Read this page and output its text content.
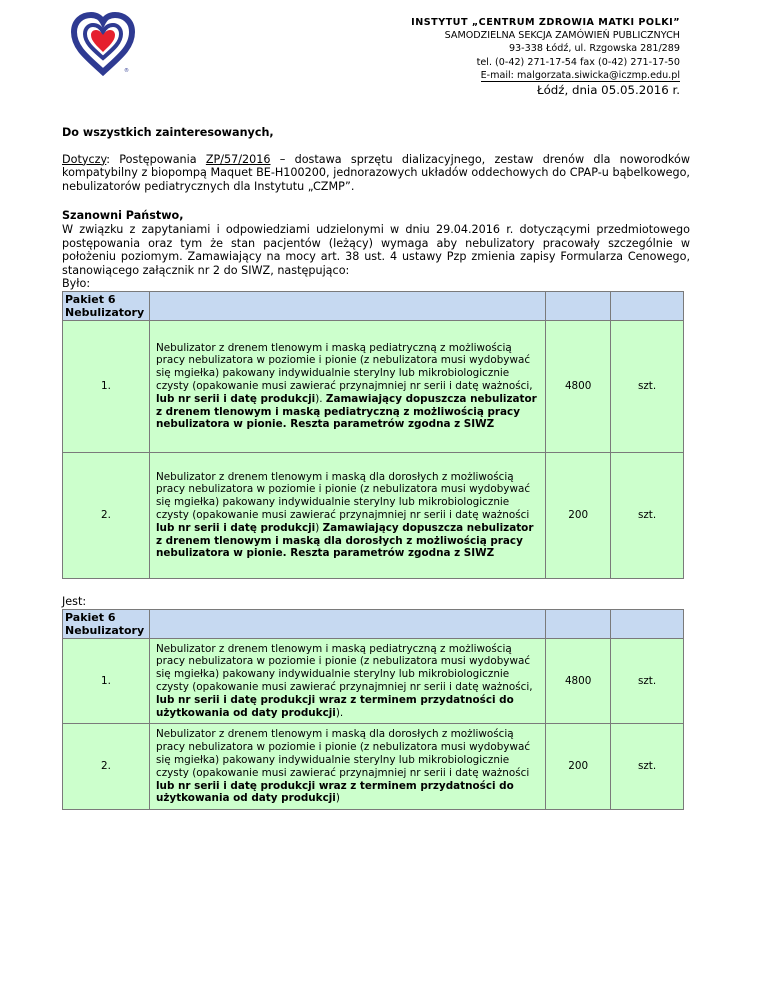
®
INSTYTUT „CENTRUM ZDROWIA MATKI POLKI”
SAMODZIELNA SEKCJA ZAMÓWIEŃ PUBLICZNYCH
93-338 Łódź, ul. Rzgowska 281/289
tel. (0-42) 271-17-54 fax (0-42) 271-17-50
E-mail: malgorzata.siwicka@iczmp.edu.pl
Łódź, dnia 05.05.2016 r.
Do wszystkich zainteresowanych,
Dotyczy: Postępowania ZP/57/2016 – dostawa sprzętu dializacyjnego, zestaw drenów dla noworodków kompatybilny z biopompą Maquet BE-H100200, jednorazowych układów oddechowych do CPAP-u bąbelkowego, nebulizatorów pediatrycznych dla Instytutu „CZMP”.
Szanowni Państwo,
W związku z zapytaniami i odpowiedziami udzielonymi w dniu 29.04.2016 r. dotyczącymi przedmiotowego postępowania oraz tym że stan pacjentów (leżący) wymaga aby nebulizatory pracowały szczególnie w położeniu poziomym. Zamawiający na mocy art. 38 ust. 4 ustawy Pzp zmienia zapisy Formularza Cenowego, stanowiącego załącznik nr 2 do SIWZ, następująco:
Było:
Pakiet 6
Nebulizatory			

1.	Nebulizator z drenem tlenowym i maską pediatryczną z możliwością pracy nebulizatora w poziomie i pionie (z nebulizatora musi wydobywać się mgiełka) pakowany indywidualnie sterylny lub mikrobiologicznie czysty (opakowanie musi zawierać przynajmniej nr serii i datę ważności, lub nr serii i datę produkcji). Zamawiający dopuszcza nebulizator z drenem tlenowym i maską pediatryczną z możliwością pracy nebulizatora w pionie. Reszta parametrów zgodna z SIWZ	4800	szt.
2.	Nebulizator z drenem tlenowym i maską dla dorosłych z możliwością pracy nebulizatora w poziomie i pionie (z nebulizatora musi wydobywać się mgiełka) pakowany indywidualnie sterylny lub mikrobiologicznie czysty (opakowanie musi zawierać przynajmniej nr serii i datę ważności lub nr serii i datę produkcji) Zamawiający dopuszcza nebulizator z drenem tlenowym i maską dla dorosłych z możliwością pracy nebulizatora w pionie. Reszta parametrów zgodna z SIWZ	200	szt.
Jest:
Pakiet 6
Nebulizatory			

1.	Nebulizator z drenem tlenowym i maską pediatryczną z możliwością pracy nebulizatora w poziomie i pionie (z nebulizatora musi wydobywać się mgiełka) pakowany indywidualnie sterylny lub mikrobiologicznie czysty (opakowanie musi zawierać przynajmniej nr serii i datę ważności, lub nr serii i datę produkcji wraz z terminem przydatności do użytkowania od daty produkcji).	4800	szt.
2.	Nebulizator z drenem tlenowym i maską dla dorosłych z możliwością pracy nebulizatora w poziomie i pionie (z nebulizatora musi wydobywać się mgiełka) pakowany indywidualnie sterylny lub mikrobiologicznie czysty (opakowanie musi zawierać przynajmniej nr serii i datę ważności lub nr serii i datę produkcji wraz z terminem przydatności do użytkowania od daty produkcji)	200	szt.
